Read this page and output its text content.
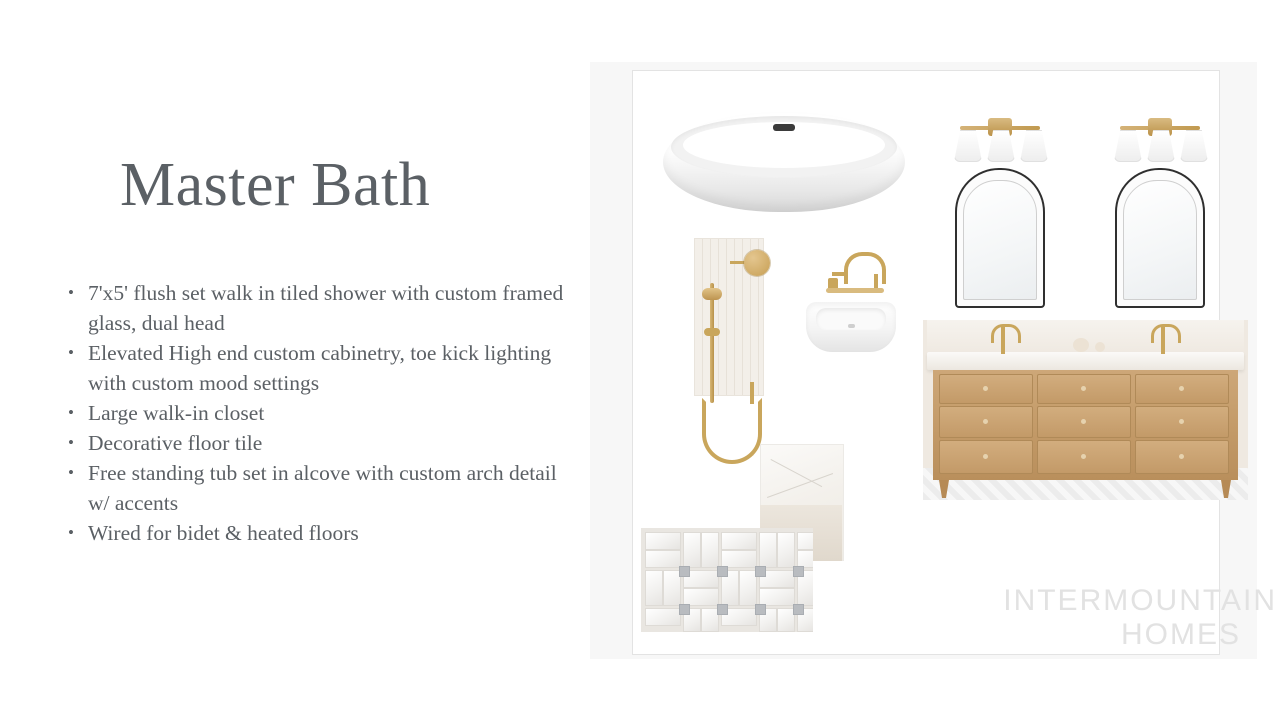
Master Bath
• 7'x5' flush set walk in tiled shower with custom framed glass, dual head
• Elevated High end custom cabinetry, toe kick lighting with custom mood settings
• Large walk-in closet
• Decorative floor tile
• Free standing tub set in alcove with custom arch detail w/ accents
• Wired for bidet & heated floors
INTERMOUNTAIN
HOMES
